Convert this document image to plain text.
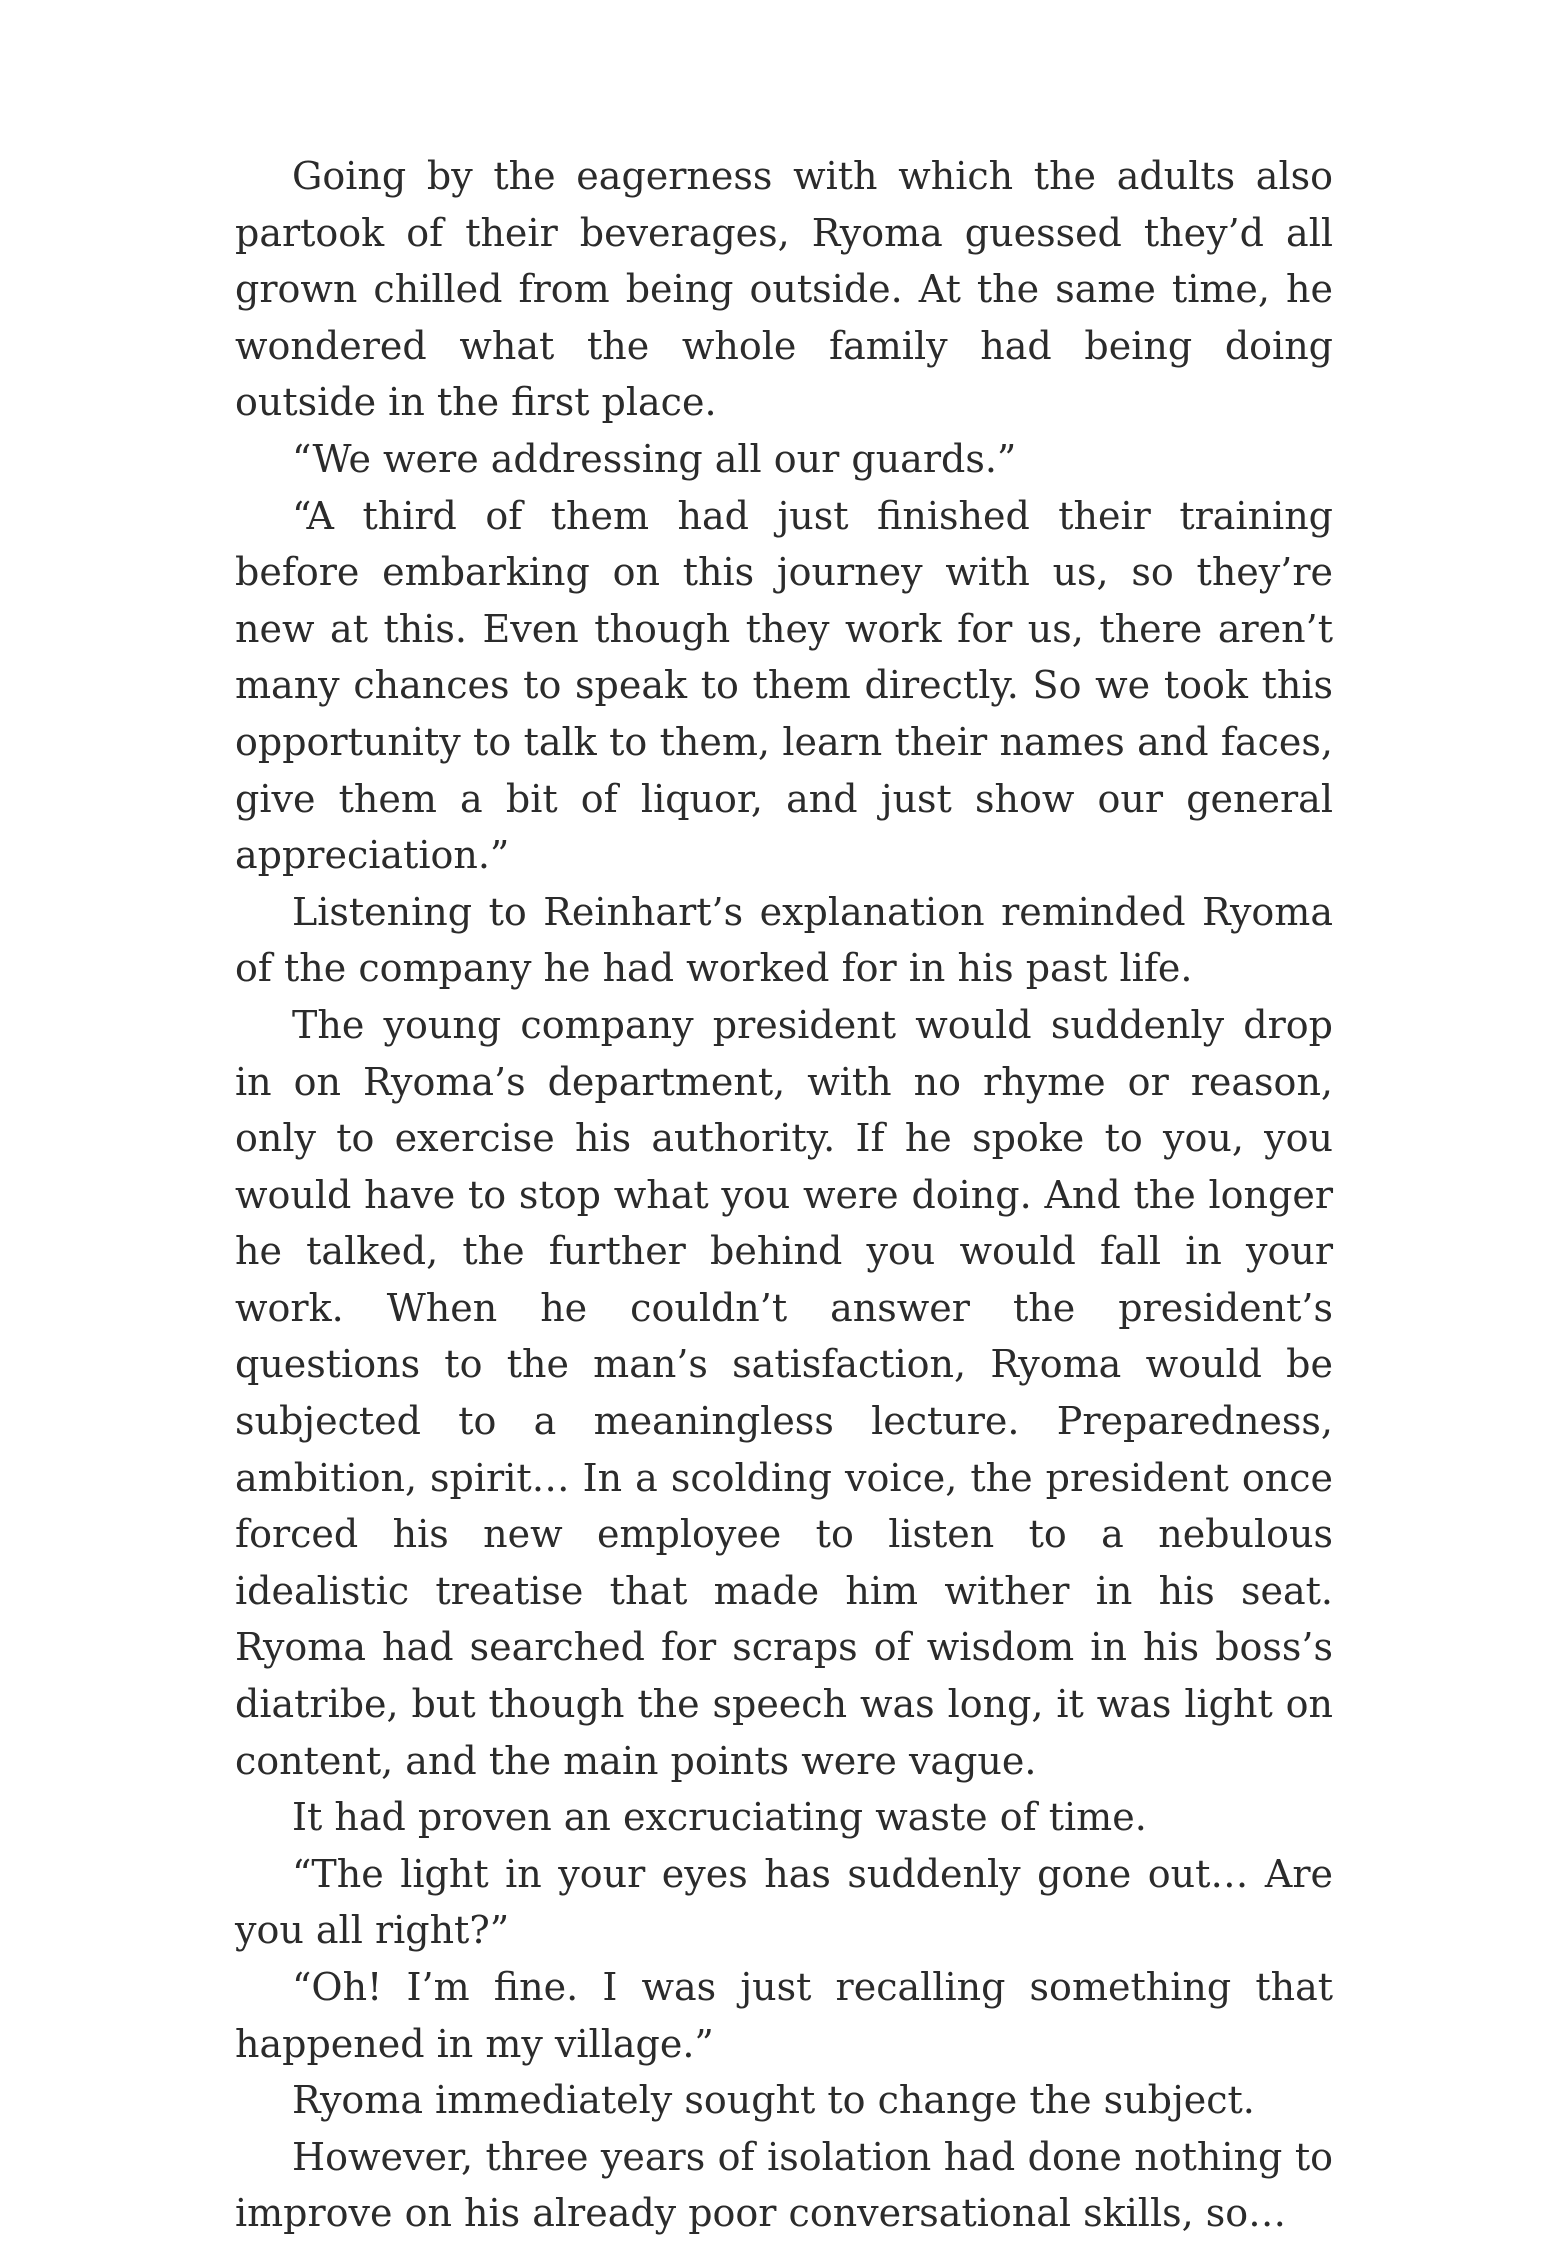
Going by the eagerness with which the adults also partook of their beverages, Ryoma guessed they’d all grown chilled from being outside. At the same time, he wondered what the whole family had being doing outside in the first place.

“We were addressing all our guards.”

“A third of them had just finished their training before embarking on this journey with us, so they’re new at this. Even though they work for us, there aren’t many chances to speak to them directly. So we took this opportunity to talk to them, learn their names and faces, give them a bit of liquor, and just show our general appreciation.”

Listening to Reinhart’s explanation reminded Ryoma of the company he had worked for in his past life.

The young company president would suddenly drop in on Ryoma’s department, with no rhyme or reason, only to exercise his authority. If he spoke to you, you would have to stop what you were doing. And the longer he talked, the further behind you would fall in your work. When he couldn’t answer the president’s questions to the man’s satisfaction, Ryoma would be subjected to a meaningless lecture. Preparedness, ambition, spirit… In a scolding voice, the president once forced his new employee to listen to a nebulous idealistic treatise that made him wither in his seat. Ryoma had searched for scraps of wisdom in his boss’s diatribe, but though the speech was long, it was light on content, and the main points were vague.

It had proven an excruciating waste of time.

“The light in your eyes has suddenly gone out… Are you all right?”

“Oh! I’m fine. I was just recalling something that happened in my village.”

Ryoma immediately sought to change the subject.

However, three years of isolation had done nothing to improve on his already poor conversational skills, so…
